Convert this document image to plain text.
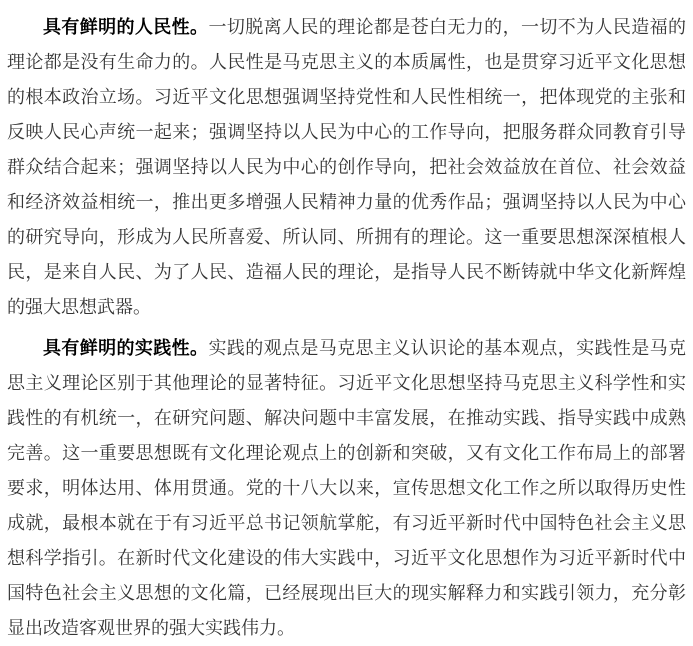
具有鲜明的人民性。一切脱离人民的理论都是苍白无力的，一切不为人民造福的理论都是没有生命力的。人民性是马克思主义的本质属性，也是贯穿习近平文化思想的根本政治立场。习近平文化思想强调坚持党性和人民性相统一，把体现党的主张和反映人民心声统一起来；强调坚持以人民为中心的工作导向，把服务群众同教育引导群众结合起来；强调坚持以人民为中心的创作导向，把社会效益放在首位、社会效益和经济效益相统一，推出更多增强人民精神力量的优秀作品；强调坚持以人民为中心的研究导向，形成为人民所喜爱、所认同、所拥有的理论。这一重要思想深深植根人民，是来自人民、为了人民、造福人民的理论，是指导人民不断铸就中华文化新辉煌的强大思想武器。

具有鲜明的实践性。实践的观点是马克思主义认识论的基本观点，实践性是马克思主义理论区别于其他理论的显著特征。习近平文化思想坚持马克思主义科学性和实践性的有机统一，在研究问题、解决问题中丰富发展，在推动实践、指导实践中成熟完善。这一重要思想既有文化理论观点上的创新和突破，又有文化工作布局上的部署要求，明体达用、体用贯通。党的十八大以来，宣传思想文化工作之所以取得历史性成就，最根本就在于有习近平总书记领航掌舵，有习近平新时代中国特色社会主义思想科学指引。在新时代文化建设的伟大实践中，习近平文化思想作为习近平新时代中国特色社会主义思想的文化篇，已经展现出巨大的现实解释力和实践引领力，充分彰显出改造客观世界的强大实践伟力。
